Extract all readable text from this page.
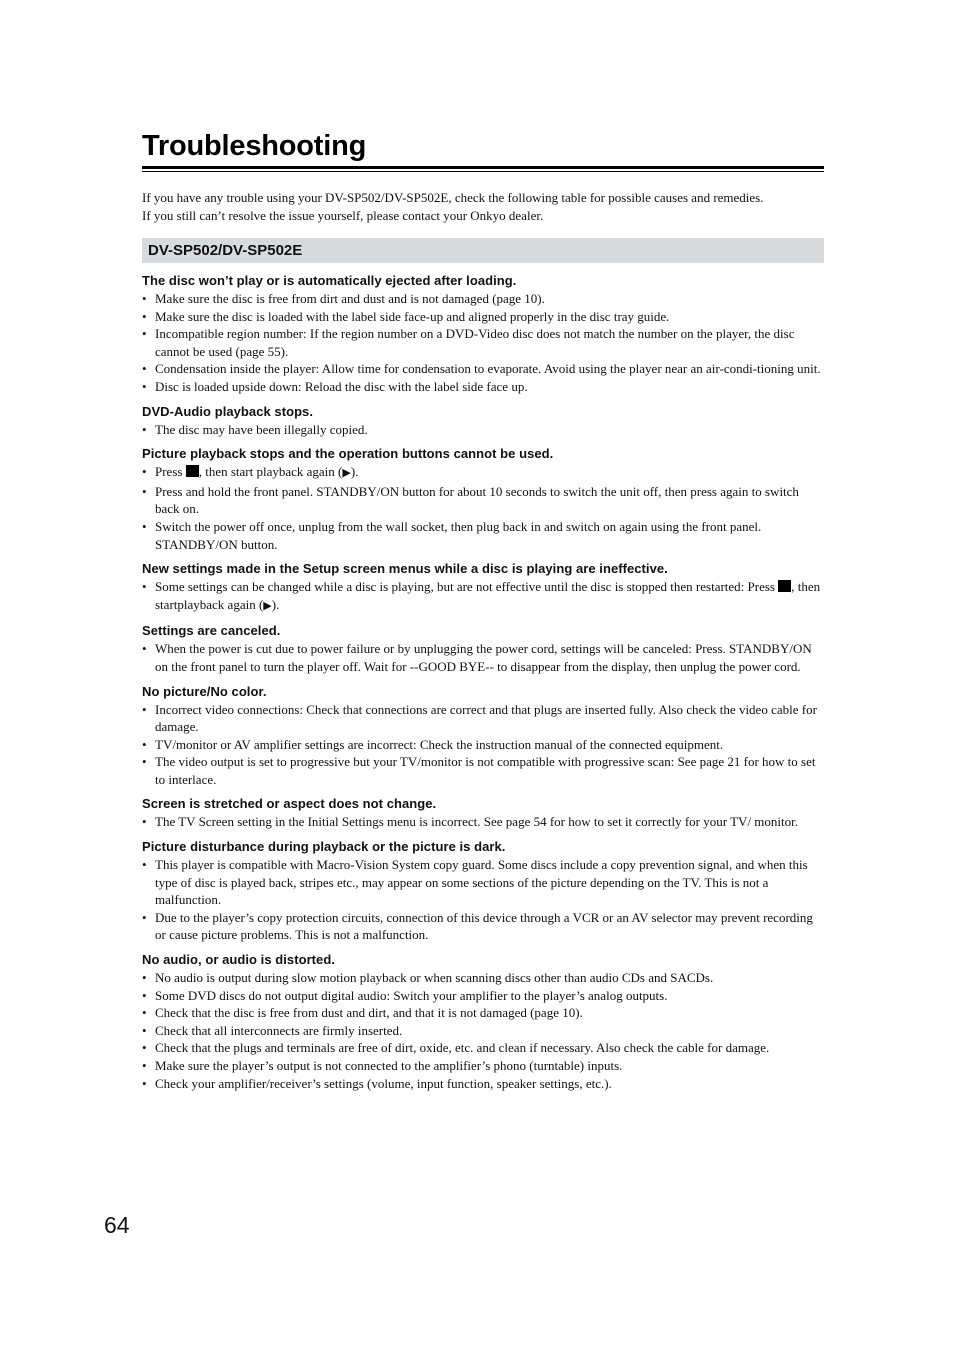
Troubleshooting
If you have any trouble using your DV-SP502/DV-SP502E, check the following table for possible causes and remedies.
If you still can’t resolve the issue yourself, please contact your Onkyo dealer.
DV-SP502/DV-SP502E
The disc won’t play or is automatically ejected after loading.
• Make sure the disc is free from dirt and dust and is not damaged (page 10).
• Make sure the disc is loaded with the label side face-up and aligned properly in the disc tray guide.
• Incompatible region number: If the region number on a DVD-Video disc does not match the number on the player, the disc cannot be used (page 55).
• Condensation inside the player: Allow time for condensation to evaporate. Avoid using the player near an air-condi-tioning unit.
• Disc is loaded upside down: Reload the disc with the label side face up.
DVD-Audio playback stops.
• The disc may have been illegally copied.
Picture playback stops and the operation buttons cannot be used.
• Press , then start playback again (▶).
• Press and hold the front panel. STANDBY/ON button for about 10 seconds to switch the unit off, then press again to switch back on.
• Switch the power off once, unplug from the wall socket, then plug back in and switch on again using the front panel. STANDBY/ON button.
New settings made in the Setup screen menus while a disc is playing are ineffective.
• Some settings can be changed while a disc is playing, but are not effective until the disc is stopped then restarted: Press , then startplayback again (▶).
Settings are canceled.
• When the power is cut due to power failure or by unplugging the power cord, settings will be canceled: Press. STANDBY/ON on the front panel to turn the player off. Wait for --GOOD BYE-- to disappear from the display, then unplug the power cord.
No picture/No color.
• Incorrect video connections: Check that connections are correct and that plugs are inserted fully. Also check the video cable for damage.
• TV/monitor or AV amplifier settings are incorrect: Check the instruction manual of the connected equipment.
• The video output is set to progressive but your TV/monitor is not compatible with progressive scan: See page 21 for how to set to interlace.
Screen is stretched or aspect does not change.
• The TV Screen setting in the Initial Settings menu is incorrect. See page 54 for how to set it correctly for your TV/ monitor.
Picture disturbance during playback or the picture is dark.
• This player is compatible with Macro-Vision System copy guard. Some discs include a copy prevention signal, and when this type of disc is played back, stripes etc., may appear on some sections of the picture depending on the TV. This is not a malfunction.
• Due to the player’s copy protection circuits, connection of this device through a VCR or an AV selector may prevent recording or cause picture problems. This is not a malfunction.
No audio, or audio is distorted.
• No audio is output during slow motion playback or when scanning discs other than audio CDs and SACDs.
• Some DVD discs do not output digital audio: Switch your amplifier to the player’s analog outputs.
• Check that the disc is free from dust and dirt, and that it is not damaged (page 10).
• Check that all interconnects are firmly inserted.
• Check that the plugs and terminals are free of dirt, oxide, etc. and clean if necessary. Also check the cable for damage.
• Make sure the player’s output is not connected to the amplifier’s phono (turntable) inputs.
• Check your amplifier/receiver’s settings (volume, input function, speaker settings, etc.).
64
